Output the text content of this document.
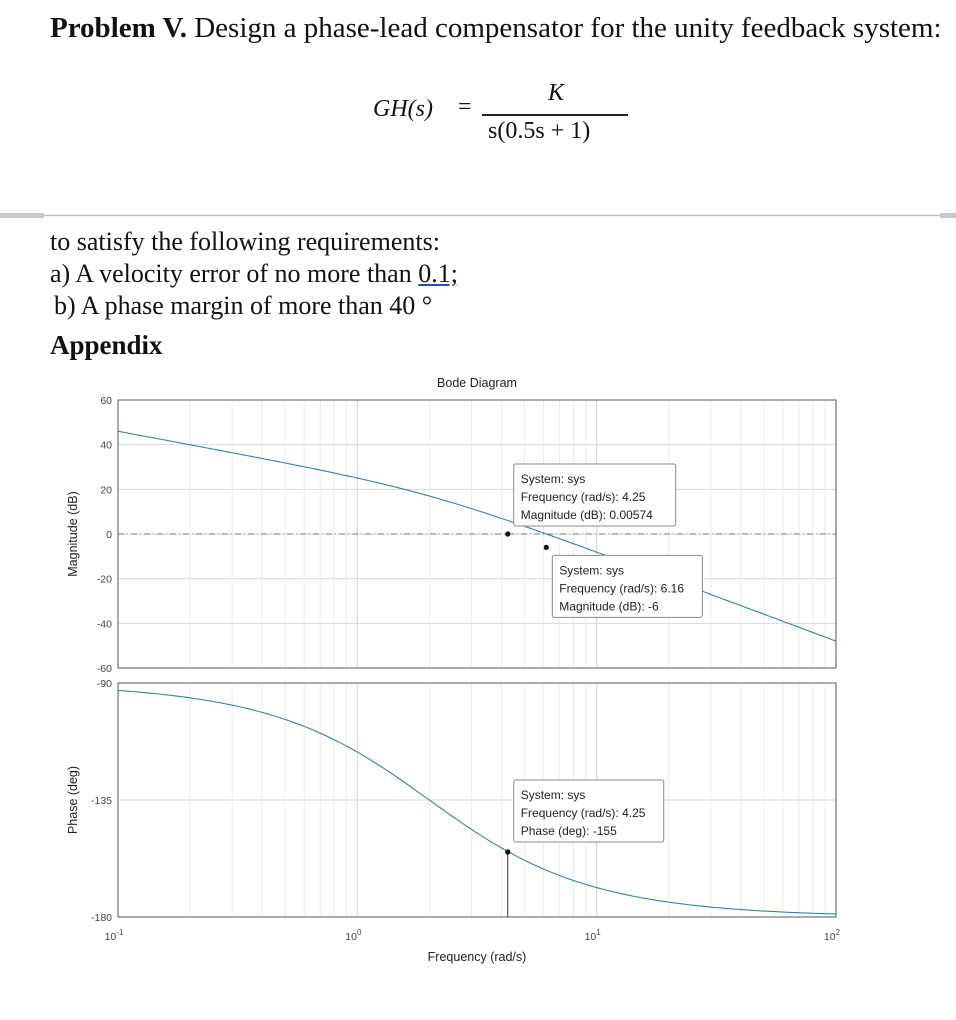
Problem V. Design a phase-lead compensator for the unity feedback system:
GH(s) =
K
s(0.5s + 1)
to satisfy the following requirements:
a) A velocity error of no more than 0.1;
b) A phase margin of more than 40 °
Appendix
Bode Diagram
60
40
20
0
-20
-40
-60
-90
-135
-180
$10^{-1}$	$10^0$	$10^1$	$10^2$
System: sys
Frequency (rad/s): 4.25
Magnitude (dB): 0.00574
System: sys
Frequency (rad/s): 6.16
Magnitude (dB): -6
System: sys
Frequency (rad/s): 4.25
Phase (deg): -155
Magnitude (dB)
Phase (deg)
Frequency (rad/s)
